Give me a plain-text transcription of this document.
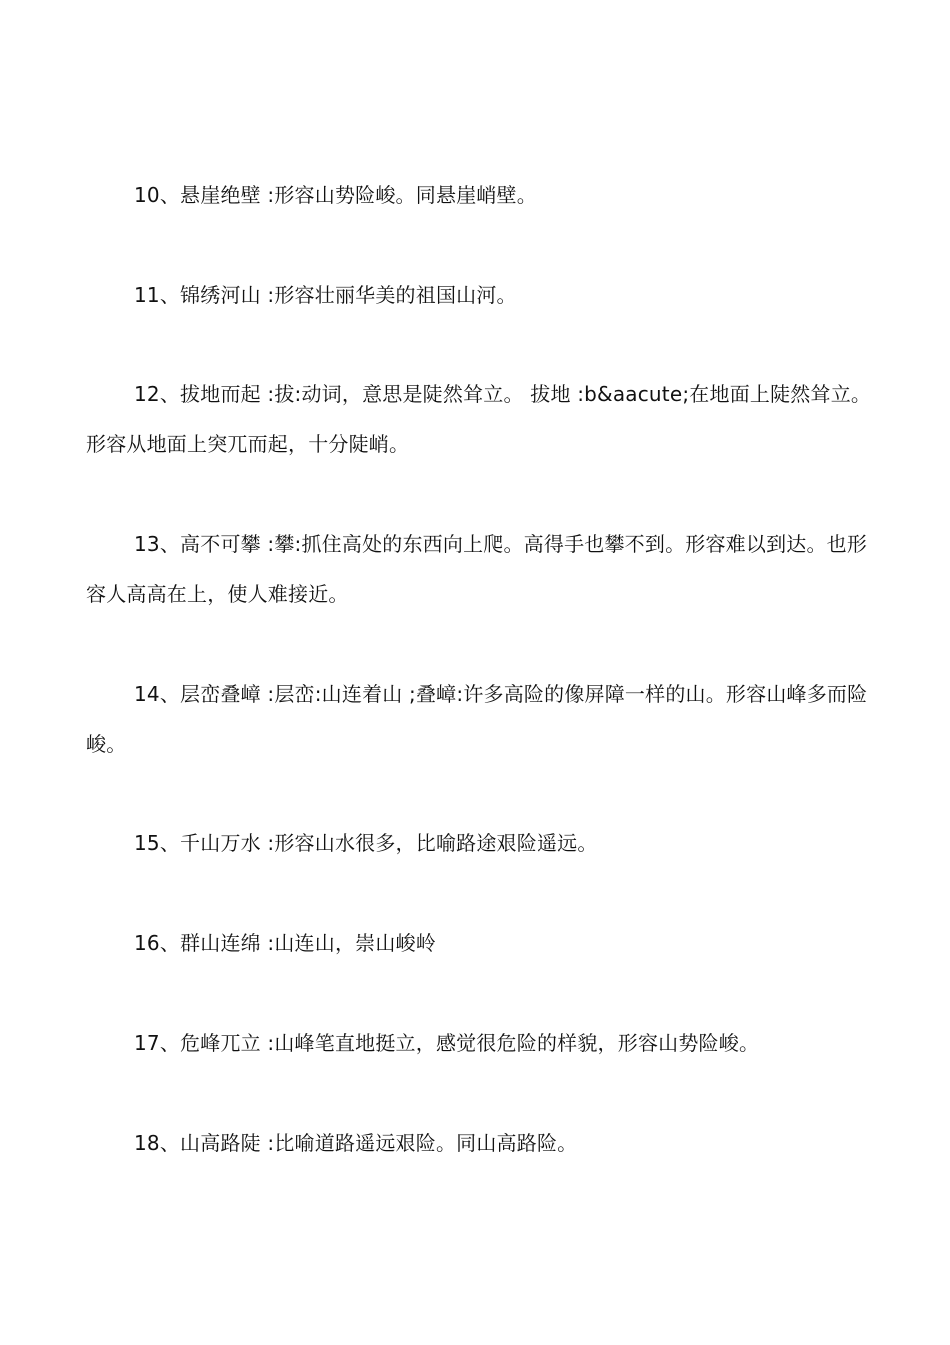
10、悬崖绝壁 :形容山势险峻。同悬崖峭壁。

11、锦绣河山 :形容壮丽华美的祖国山河。

12、拔地而起 :拔:动词，意思是陡然耸立。 拔地 :b&aacute;在地面上陡然耸立。形容从地面上突兀而起，十分陡峭。

13、高不可攀 :攀:抓住高处的东西向上爬。高得手也攀不到。形容难以到达。也形容人高高在上，使人难接近。

14、层峦叠嶂 :层峦:山连着山 ;叠嶂:许多高险的像屏障一样的山。形容山峰多而险峻。

15、千山万水 :形容山水很多，比喻路途艰险遥远。

16、群山连绵 :山连山，崇山峻岭

17、危峰兀立 :山峰笔直地挺立，感觉很危险的样貌，形容山势险峻。

18、山高路陡 :比喻道路遥远艰险。同山高路险。
